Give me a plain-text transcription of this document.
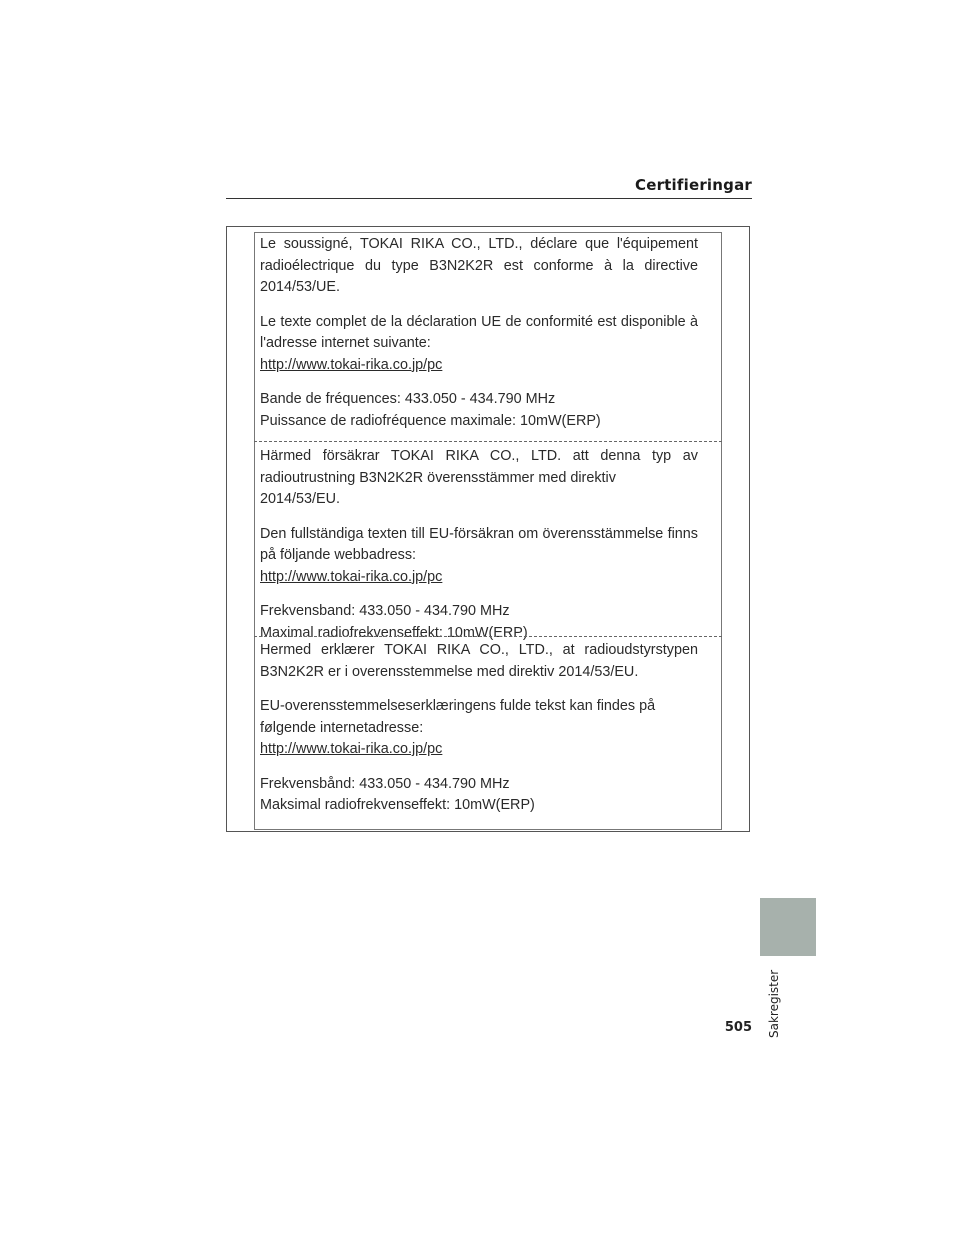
Certifieringar

Le soussigné, TOKAI RIKA CO., LTD., déclare que l'équipement

radioélectrique du type B3N2K2R est conforme à la directive

2014/53/UE.

Le texte complet de la déclaration UE de conformité est disponible à

l'adresse internet suivante:

http://www.tokai-rika.co.jp/pc

Bande de fréquences: 433.050 - 434.790 MHz

Puissance de radiofréquence maximale: 10mW(ERP)

Härmed försäkrar TOKAI RIKA CO., LTD. att denna typ av

radioutrustning B3N2K2R överensstämmer med direktiv 2014/53/EU.

Den fullständiga texten till EU-försäkran om överensstämmelse finns

på följande webbadress:

http://www.tokai-rika.co.jp/pc

Frekvensband: 433.050 - 434.790 MHz

Maximal radiofrekvenseffekt: 10mW(ERP)

Hermed erklærer TOKAI RIKA CO., LTD., at radioudstyrstypen

B3N2K2R er i overensstemmelse med direktiv 2014/53/EU.

EU-overensstemmelseserklæringens fulde tekst kan findes på

følgende internetadresse:

http://www.tokai-rika.co.jp/pc

Frekvensbånd: 433.050 - 434.790 MHz

Maksimal radiofrekvenseffekt: 10mW(ERP)

Sakregister
505
